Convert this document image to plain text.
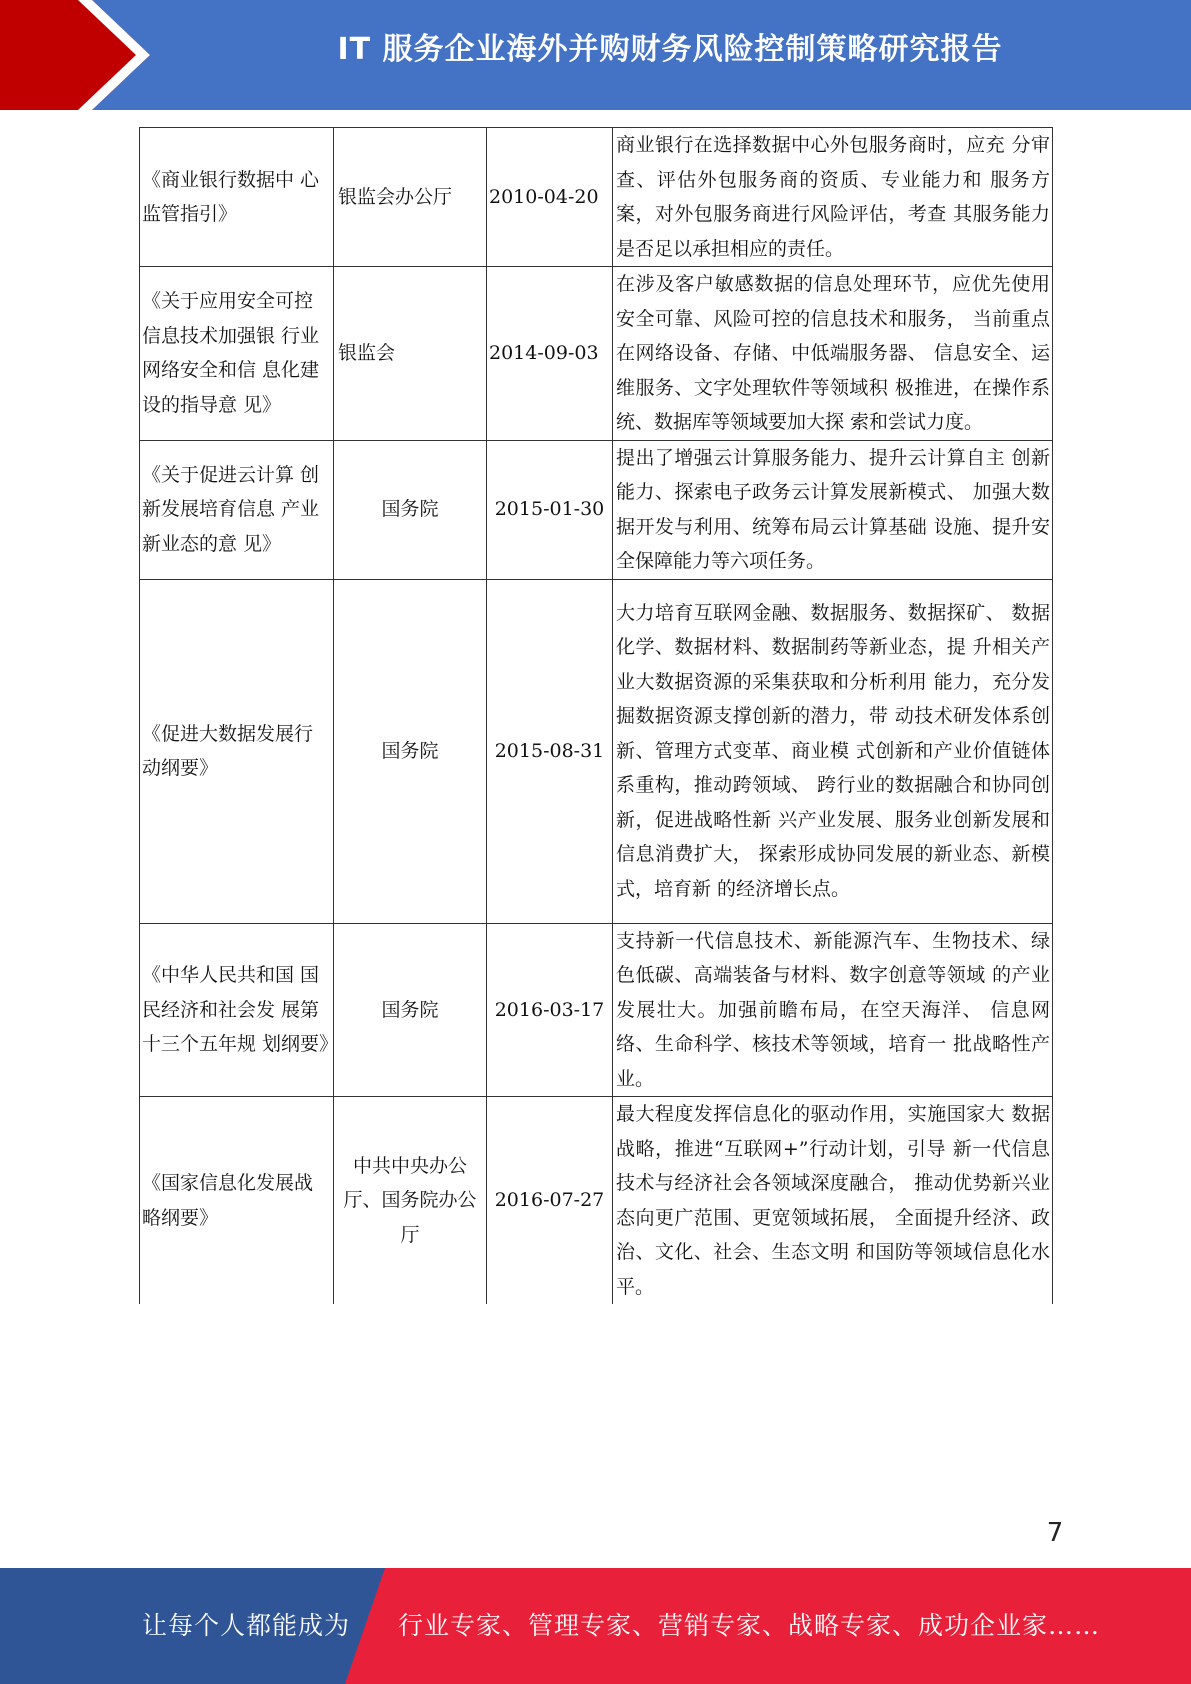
IT 服务企业海外并购财务风险控制策略研究报告
《商业银行数据中 心监管指引》	银监会办公厅	2010-04-20	商业银行在选择数据中心外包服务商时，应充 分审查、评估外包服务商的资质、专业能力和 服务方案，对外包服务商进行风险评估，考查 其服务能力是否足以承担相应的责任。
《关于应用安全可控信息技术加强银 行业网络安全和信 息化建设的指导意 见》	银监会	2014-09-03	在涉及客户敏感数据的信息处理环节，应优先使用安全可靠、风险可控的信息技术和服务， 当前重点在网络设备、存储、中低端服务器、 信息安全、运维服务、文字处理软件等领域积 极推进，在操作系统、数据库等领域要加大探 索和尝试力度。
《关于促进云计算 创新发展培育信息 产业新业态的意 见》	国务院	2015-01-30	提出了增强云计算服务能力、提升云计算自主 创新能力、探索电子政务云计算发展新模式、 加强大数据开发与利用、统筹布局云计算基础 设施、提升安全保障能力等六项任务。
《促进大数据发展行动纲要》	国务院	2015-08-31	大力培育互联网金融、数据服务、数据探矿、 数据化学、数据材料、数据制药等新业态，提 升相关产业大数据资源的采集获取和分析利用 能力，充分发掘数据资源支撑创新的潜力，带 动技术研发体系创新、管理方式变革、商业模 式创新和产业价值链体系重构，推动跨领域、 跨行业的数据融合和协同创新，促进战略性新 兴产业发展、服务业创新发展和信息消费扩大， 探索形成协同发展的新业态、新模式，培育新 的经济增长点。
《中华人民共和国 国民经济和社会发 展第十三个五年规 划纲要》	国务院	2016-03-17	支持新一代信息技术、新能源汽车、生物技术、绿色低碳、高端装备与材料、数字创意等领域 的产业发展壮大。加强前瞻布局，在空天海洋、 信息网络、生命科学、核技术等领域，培育一 批战略性产业。
《国家信息化发展战略纲要》	中共中央办公厅、国务院办公厅	2016-07-27	最大程度发挥信息化的驱动作用，实施国家大 数据战略，推进“互联网+”行动计划，引导 新一代信息技术与经济社会各领域深度融合， 推动优势新兴业态向更广范围、更宽领域拓展， 全面提升经济、政治、文化、社会、生态文明 和国防等领域信息化水平。
7
让每个人都能成为 行业专家、管理专家、营销专家、战略专家、成功企业家……
